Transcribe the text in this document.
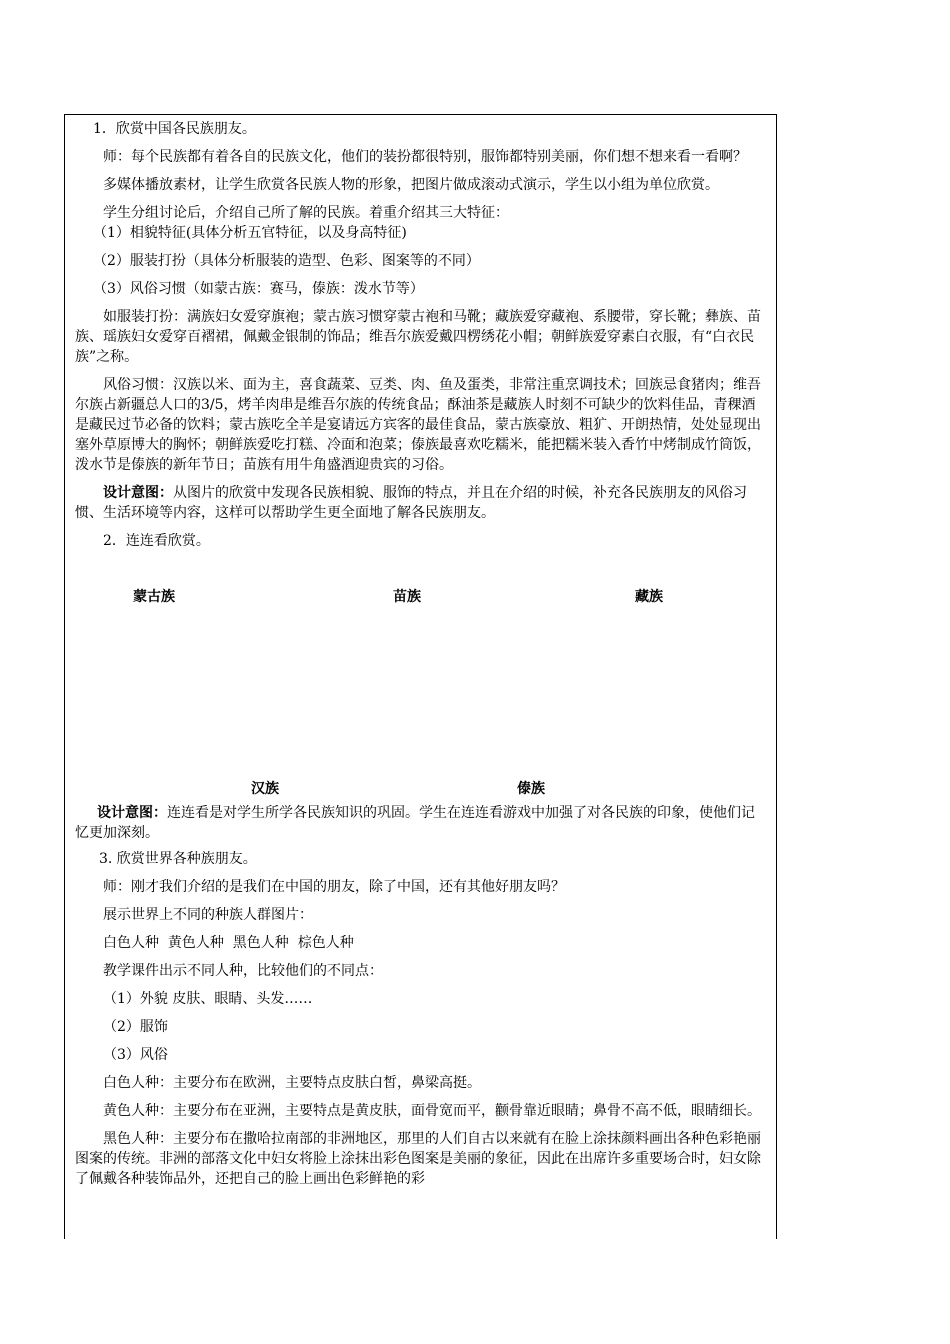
1．欣赏中国各民族朋友。

师：每个民族都有着各自的民族文化，他们的装扮都很特别，服饰都特别美丽，你们想不想来看一看啊？

多媒体播放素材，让学生欣赏各民族人物的形象，把图片做成滚动式演示，学生以小组为单位欣赏。

学生分组讨论后，介绍自己所了解的民族。着重介绍其三大特征：

（1）相貌特征(具体分析五官特征，以及身高特征)

（2）服装打扮（具体分析服装的造型、色彩、图案等的不同）

（3）风俗习惯（如蒙古族：赛马，傣族：泼水节等）

如服装打扮：满族妇女爱穿旗袍；蒙古族习惯穿蒙古袍和马靴；藏族爱穿藏袍、系腰带，穿长靴；彝族、苗族、瑶族妇女爱穿百褶裙，佩戴金银制的饰品；维吾尔族爱戴四楞绣花小帽；朝鲜族爱穿素白衣服，有“白衣民族”之称。

风俗习惯：汉族以米、面为主，喜食蔬菜、豆类、肉、鱼及蛋类，非常注重烹调技术；回族忌食猪肉；维吾尔族占新疆总人口的3/5，烤羊肉串是维吾尔族的传统食品；酥油茶是藏族人时刻不可缺少的饮料佳品，青稞酒是藏民过节必备的饮料；蒙古族吃全羊是宴请远方宾客的最佳食品，蒙古族豪放、粗犷、开朗热情，处处显现出塞外草原博大的胸怀；朝鲜族爱吃打糕、冷面和泡菜；傣族最喜欢吃糯米，能把糯米装入香竹中烤制成竹筒饭，泼水节是傣族的新年节日；苗族有用牛角盛酒迎贵宾的习俗。

设计意图：从图片的欣赏中发现各民族相貌、服饰的特点，并且在介绍的时候，补充各民族朋友的风俗习惯、生活环境等内容，这样可以帮助学生更全面地了解各民族朋友。

2．连连看欣赏。

蒙古族	苗族	藏族
汉族	傣族

设计意图：连连看是对学生所学各民族知识的巩固。学生在连连看游戏中加强了对各民族的印象，使他们记忆更加深刻。

3. 欣赏世界各种族朋友。

师：刚才我们介绍的是我们在中国的朋友，除了中国，还有其他好朋友吗？

展示世界上不同的种族人群图片：

白色人种  黄色人种  黑色人种  棕色人种

教学课件出示不同人种，比较他们的不同点：

（1）外貌 皮肤、眼睛、头发……

（2）服饰

（3）风俗

白色人种：主要分布在欧洲，主要特点皮肤白皙，鼻梁高挺。

黄色人种：主要分布在亚洲，主要特点是黄皮肤，面骨宽而平，颧骨靠近眼睛；鼻骨不高不低，眼睛细长。

黑色人种：主要分布在撒哈拉南部的非洲地区，那里的人们自古以来就有在脸上涂抹颜料画出各种色彩艳丽图案的传统。非洲的部落文化中妇女将脸上涂抹出彩色图案是美丽的象征，因此在出席许多重要场合时，妇女除了佩戴各种装饰品外，还把自己的脸上画出色彩鲜艳的彩
